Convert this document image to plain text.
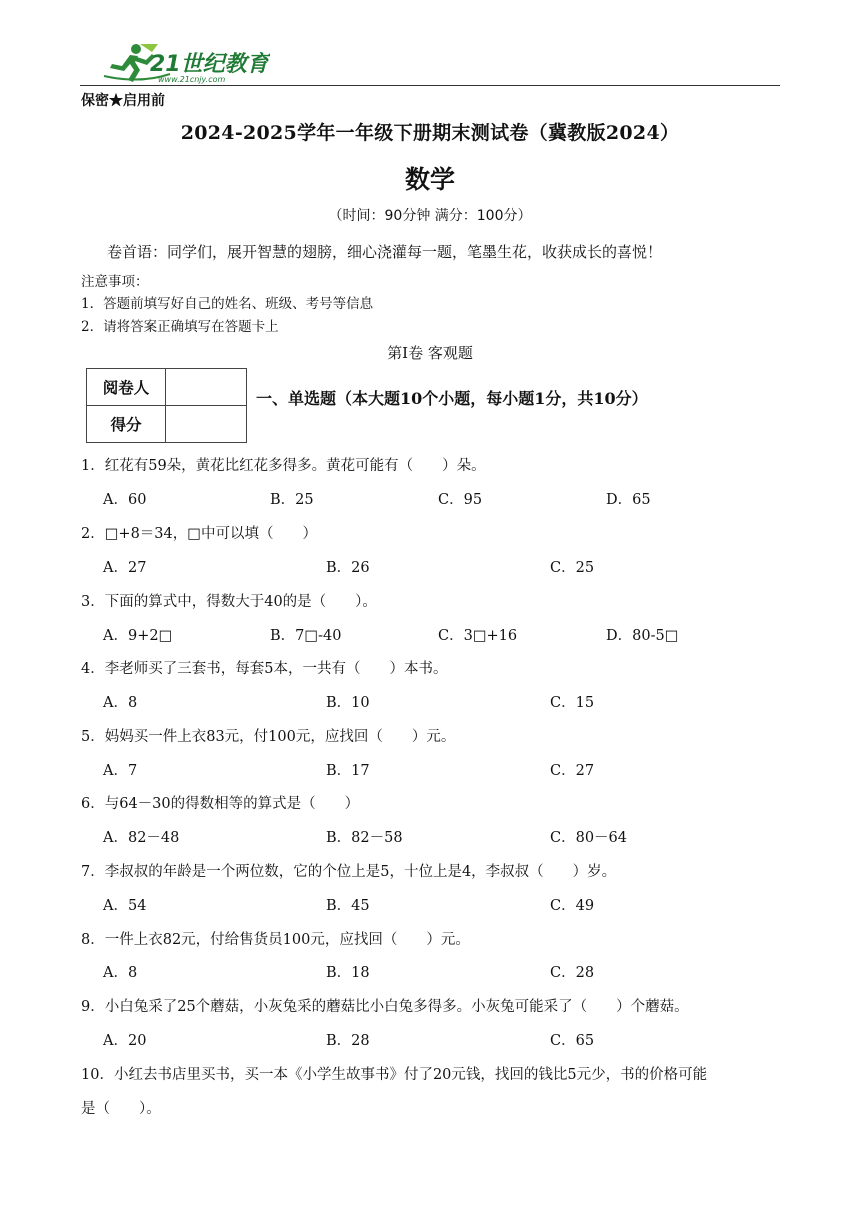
21世纪教育
www.21cnjy.com
保密★启用前
2024-2025学年一年级下册期末测试卷（冀教版2024）
数学
（时间：90分钟 满分：100分）
卷首语：同学们，展开智慧的翅膀，细心浇灌每一题，笔墨生花，收获成长的喜悦！
注意事项：
1．答题前填写好自己的姓名、班级、考号等信息
2．请将答案正确填写在答题卡上
第Ⅰ卷 客观题
阅卷人	
得分	
一、单选题（本大题10个小题，每小题1分，共10分）
1．红花有59朵，黄花比红花多得多。黄花可能有（　　）朵。
A．60	B．25	C．95	D．65
2．□+8＝34，□中可以填（　　）
A．27	B．26	C．25
3．下面的算式中，得数大于40的是（　　）。
A．9+2□	B．7□-40	C．3□+16	D．80-5□
4．李老师买了三套书，每套5本，一共有（　　）本书。
A．8	B．10	C．15
5．妈妈买一件上衣83元，付100元，应找回（　　）元。
A．7	B．17	C．27
6．与64－30的得数相等的算式是（　　）
A．82－48	B．82－58	C．80－64
7．李叔叔的年龄是一个两位数，它的个位上是5，十位上是4，李叔叔（　　）岁。
A．54	B．45	C．49
8．一件上衣82元，付给售货员100元，应找回（　　）元。
A．8	B．18	C．28
9．小白兔采了25个蘑菇，小灰兔采的蘑菇比小白兔多得多。小灰兔可能采了（　　）个蘑菇。
A．20	B．28	C．65
10．小红去书店里买书，买一本《小学生故事书》付了20元钱，找回的钱比5元少，书的价格可能
是（　　）。
